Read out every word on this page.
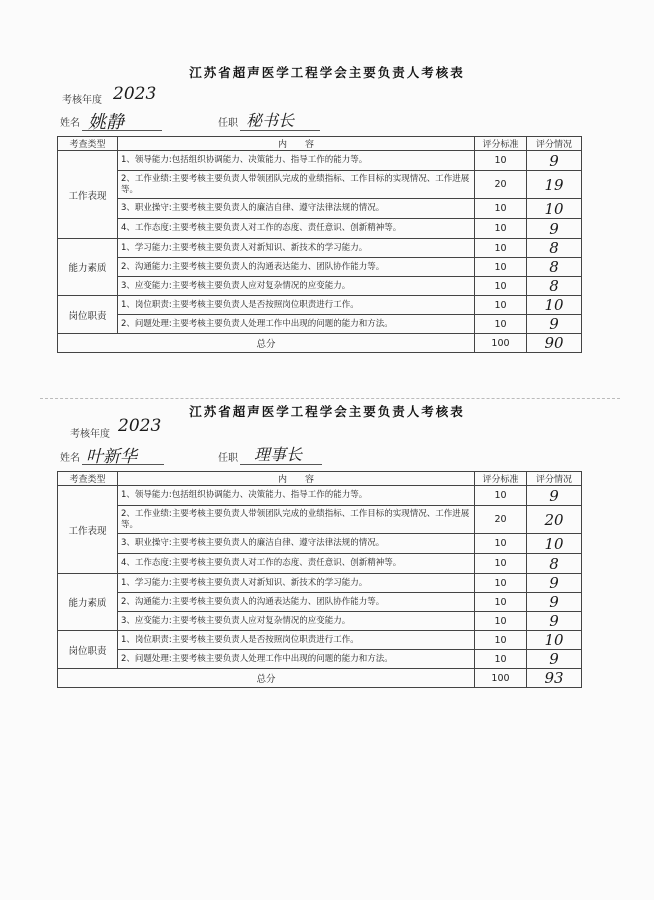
江苏省超声医学工程学会主要负责人考核表
考核年度 2023
姓名 姚静	任职 秘书长
考查类型	内　　容	评分标准	评分情况
工作表现	1、领导能力:包括组织协调能力、决策能力、指导工作的能力等。	10	9
	2、工作业绩:主要考核主要负责人带领团队完成的业绩指标、工作目标的实现情况、工作进展等。	20	19
	3、职业操守:主要考核主要负责人的廉洁自律、遵守法律法规的情况。	10	10
	4、工作态度:主要考核主要负责人对工作的态度、责任意识、创新精神等。	10	9
能力素质	1、学习能力:主要考核主要负责人对新知识、新技术的学习能力。	10	8
	2、沟通能力:主要考核主要负责人的沟通表达能力、团队协作能力等。	10	8
	3、应变能力:主要考核主要负责人应对复杂情况的应变能力。	10	8
岗位职责	1、岗位职责:主要考核主要负责人是否按照岗位职责进行工作。	10	10
	2、问题处理:主要考核主要负责人处理工作中出现的问题的能力和方法。	10	9
总分		100	90
江苏省超声医学工程学会主要负责人考核表
考核年度 2023
姓名 叶新华	任职 理事长
考查类型	内　　容	评分标准	评分情况
工作表现	1、领导能力:包括组织协调能力、决策能力、指导工作的能力等。	10	9
	2、工作业绩:主要考核主要负责人带领团队完成的业绩指标、工作目标的实现情况、工作进展等。	20	20
	3、职业操守:主要考核主要负责人的廉洁自律、遵守法律法规的情况。	10	10
	4、工作态度:主要考核主要负责人对工作的态度、责任意识、创新精神等。	10	8
能力素质	1、学习能力:主要考核主要负责人对新知识、新技术的学习能力。	10	9
	2、沟通能力:主要考核主要负责人的沟通表达能力、团队协作能力等。	10	9
	3、应变能力:主要考核主要负责人应对复杂情况的应变能力。	10	9
岗位职责	1、岗位职责:主要考核主要负责人是否按照岗位职责进行工作。	10	10
	2、问题处理:主要考核主要负责人处理工作中出现的问题的能力和方法。	10	9
总分		100	93
